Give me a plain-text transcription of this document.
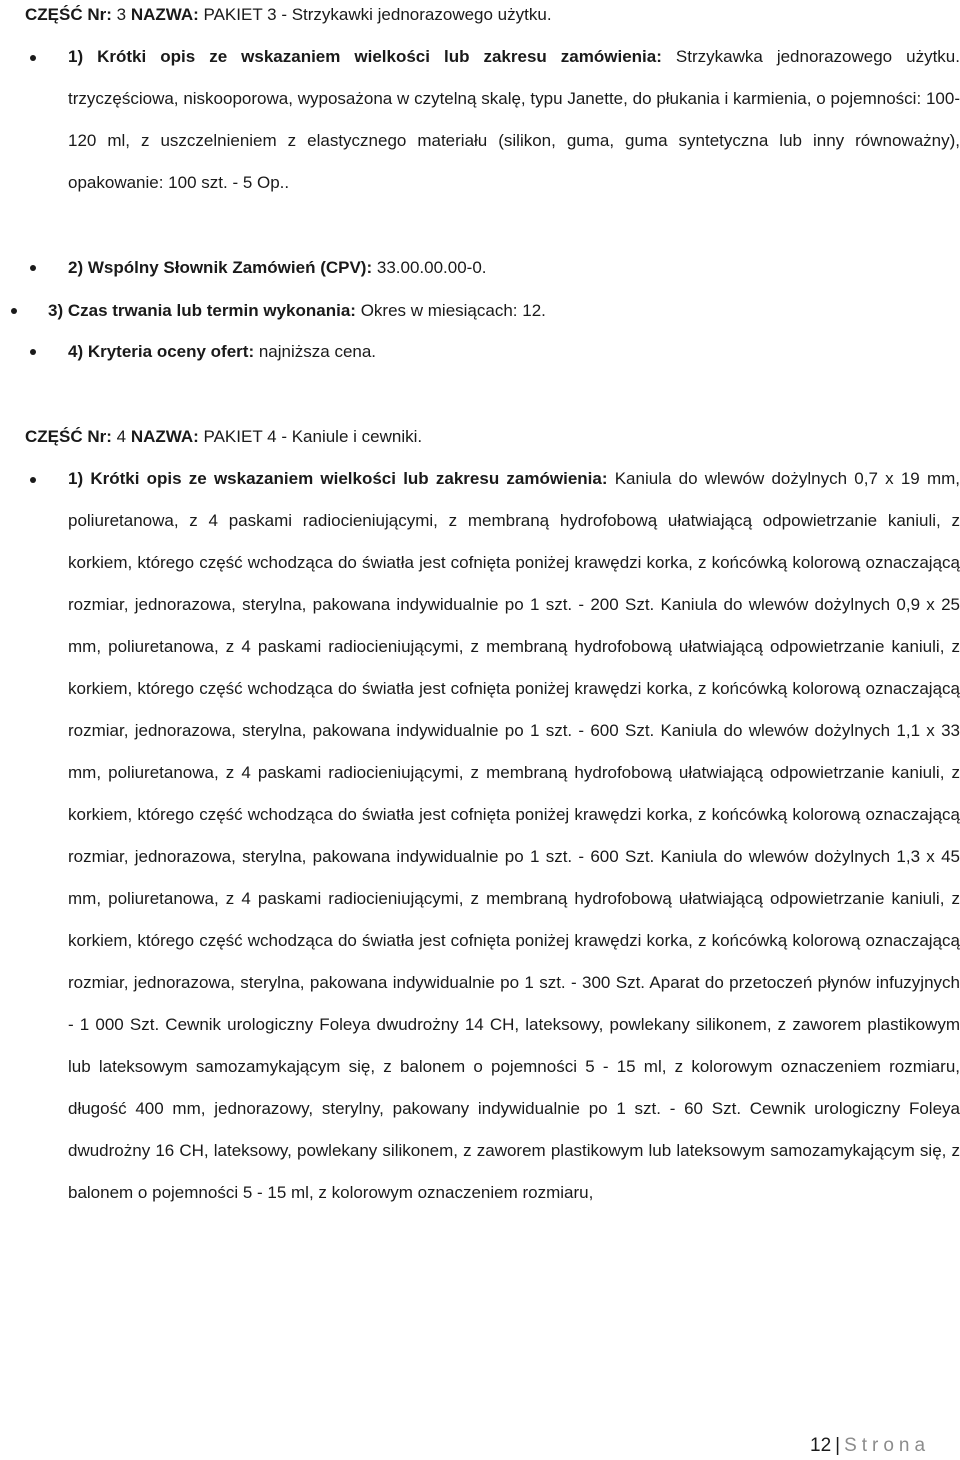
CZĘŚĆ Nr: 3 NAZWA: PAKIET 3 - Strzykawki jednorazowego użytku.
1) Krótki opis ze wskazaniem wielkości lub zakresu zamówienia: Strzykawka jednorazowego użytku. trzyczęściowa, niskooporowa, wyposażona w czytelną skalę, typu Janette, do płukania i karmienia, o pojemności: 100-120 ml, z uszczelnieniem z elastycznego materiału (silikon, guma, guma syntetyczna lub inny równoważny), opakowanie: 100 szt. - 5 Op..
2) Wspólny Słownik Zamówień (CPV): 33.00.00.00-0.
3) Czas trwania lub termin wykonania: Okres w miesiącach: 12.
4) Kryteria oceny ofert: najniższa cena.
CZĘŚĆ Nr: 4 NAZWA: PAKIET 4 - Kaniule i cewniki.
1) Krótki opis ze wskazaniem wielkości lub zakresu zamówienia: Kaniula do wlewów dożylnych 0,7 x 19 mm, poliuretanowa, z 4 paskami radiocieniującymi, z membraną hydrofobową ułatwiającą odpowietrzanie kaniuli, z korkiem, którego część wchodząca do światła jest cofnięta poniżej krawędzi korka, z końcówką kolorową oznaczającą rozmiar, jednorazowa, sterylna, pakowana indywidualnie po 1 szt. - 200 Szt. Kaniula do wlewów dożylnych 0,9 x 25 mm, poliuretanowa, z 4 paskami radiocieniującymi, z membraną hydrofobową ułatwiającą odpowietrzanie kaniuli, z korkiem, którego część wchodząca do światła jest cofnięta poniżej krawędzi korka, z końcówką kolorową oznaczającą rozmiar, jednorazowa, sterylna, pakowana indywidualnie po 1 szt. - 600 Szt. Kaniula do wlewów dożylnych 1,1 x 33 mm, poliuretanowa, z 4 paskami radiocieniującymi, z membraną hydrofobową ułatwiającą odpowietrzanie kaniuli, z korkiem, którego część wchodząca do światła jest cofnięta poniżej krawędzi korka, z końcówką kolorową oznaczającą rozmiar, jednorazowa, sterylna, pakowana indywidualnie po 1 szt. - 600 Szt. Kaniula do wlewów dożylnych 1,3 x 45 mm, poliuretanowa, z 4 paskami radiocieniującymi, z membraną hydrofobową ułatwiającą odpowietrzanie kaniuli, z korkiem, którego część wchodząca do światła jest cofnięta poniżej krawędzi korka, z końcówką kolorową oznaczającą rozmiar, jednorazowa, sterylna, pakowana indywidualnie po 1 szt. - 300 Szt. Aparat do przetoczeń płynów infuzyjnych - 1 000 Szt. Cewnik urologiczny Foleya dwudrożny 14 CH, lateksowy, powlekany silikonem, z zaworem plastikowym lub lateksowym samozamykającym się, z balonem o pojemności 5 - 15 ml, z kolorowym oznaczeniem rozmiaru, długość 400 mm, jednorazowy, sterylny, pakowany indywidualnie po 1 szt. - 60 Szt. Cewnik urologiczny Foleya dwudrożny 16 CH, lateksowy, powlekany silikonem, z zaworem plastikowym lub lateksowym samozamykającym się, z balonem o pojemności 5 - 15 ml, z kolorowym oznaczeniem rozmiaru,
12 | Strona
